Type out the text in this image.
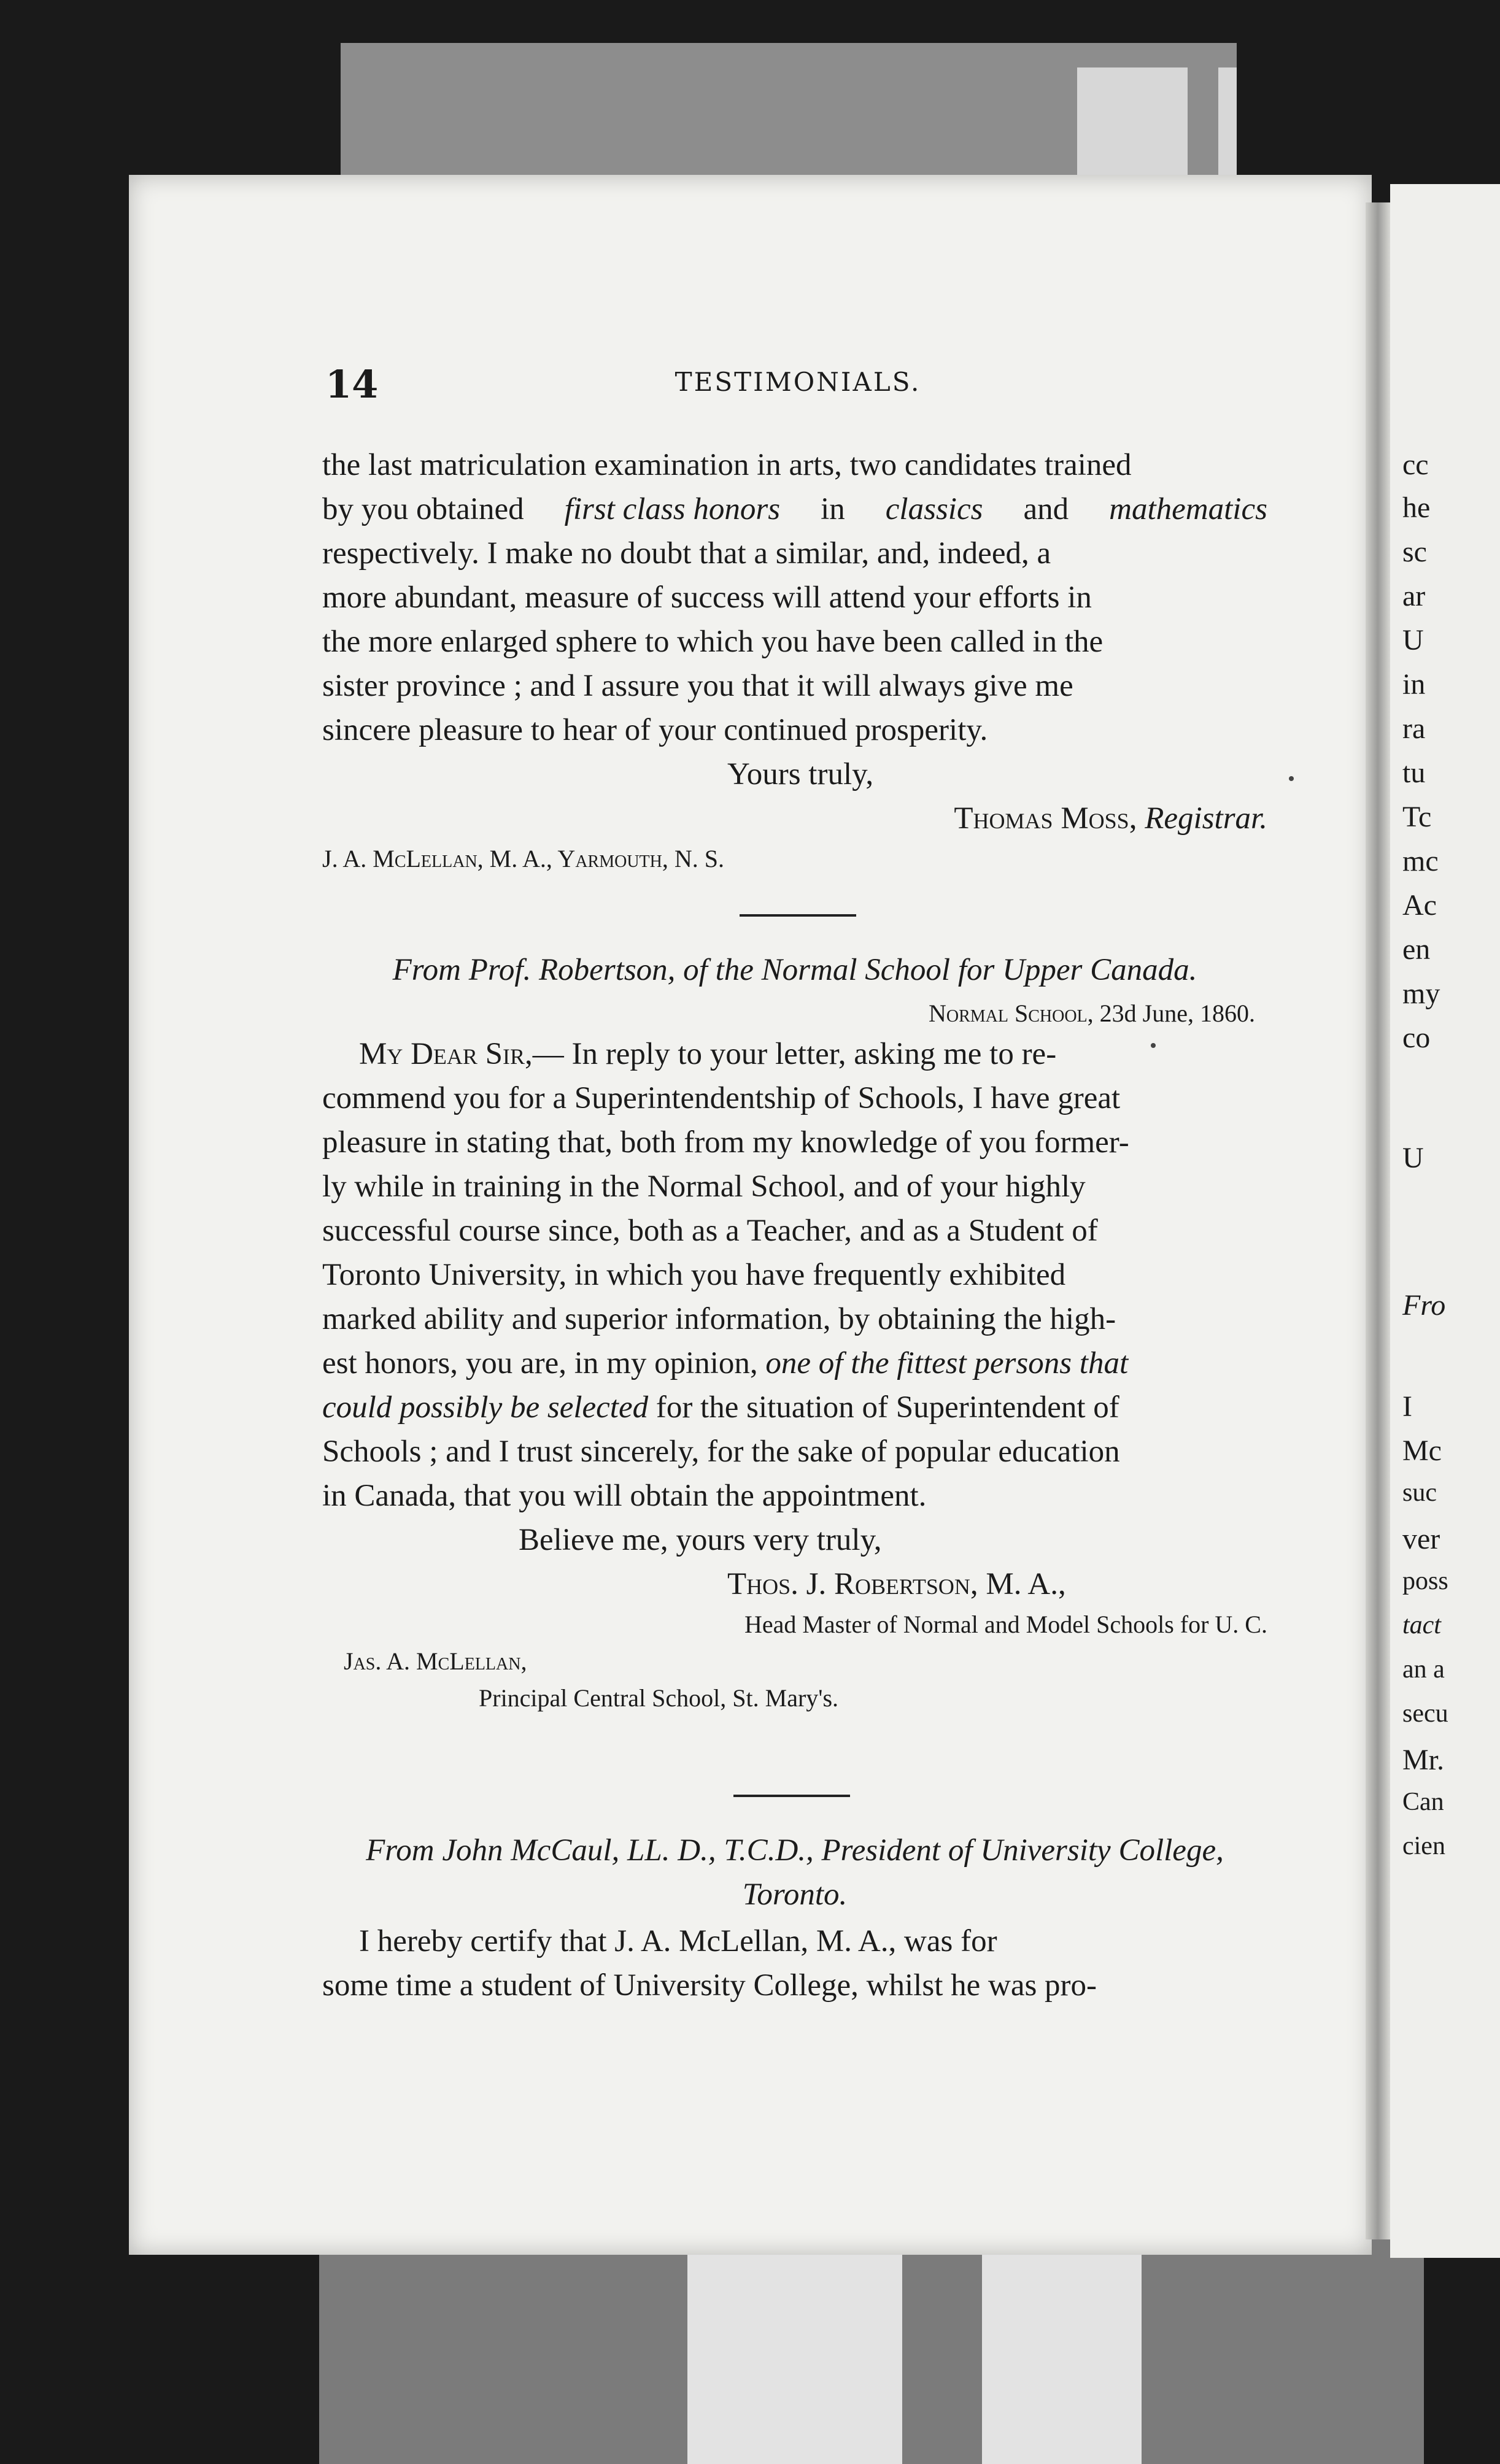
cc
he
sc
ar
U
in
ra
tu
Tc
mc
Ac
en
my
co
U
Fro
I
Mc
suc
ver
poss
tact
an a
secu
Mr.
Can
cien
14	TESTIMONIALS.
the last matriculation examination in arts, two candidates trained
by you obtained first class honors in classics and mathematics
respectively. I make no doubt that a similar, and, indeed, a
more abundant, measure of success will attend your efforts in
the more enlarged sphere to which you have been called in the
sister province ; and I assure you that it will always give me
sincere pleasure to hear of your continued prosperity.
Yours truly,
Thomas Moss, Registrar.
J. A. McLellan, M. A., Yarmouth, N. S.
From Prof. Robertson, of the Normal School for Upper Canada.
Normal School, 23d June, 1860.
My Dear Sir,— In reply to your letter, asking me to re-
commend you for a Superintendentship of Schools, I have great
pleasure in stating that, both from my knowledge of you former-
ly while in training in the Normal School, and of your highly
successful course since, both as a Teacher, and as a Student of
Toronto University, in which you have frequently exhibited
marked ability and superior information, by obtaining the high-
est honors, you are, in my opinion, one of the fittest persons that
could possibly be selected for the situation of Superintendent of
Schools ; and I trust sincerely, for the sake of popular education
in Canada, that you will obtain the appointment.
Believe me, yours very truly,
Thos. J. Robertson, M. A.,
Head Master of Normal and Model Schools for U. C.
Jas. A. McLellan,
Principal Central School, St. Mary's.
From John McCaul, LL. D., T.C.D., President of University College,
Toronto.
I hereby certify that J. A. McLellan, M. A., was for
some time a student of University College, whilst he was pro-
